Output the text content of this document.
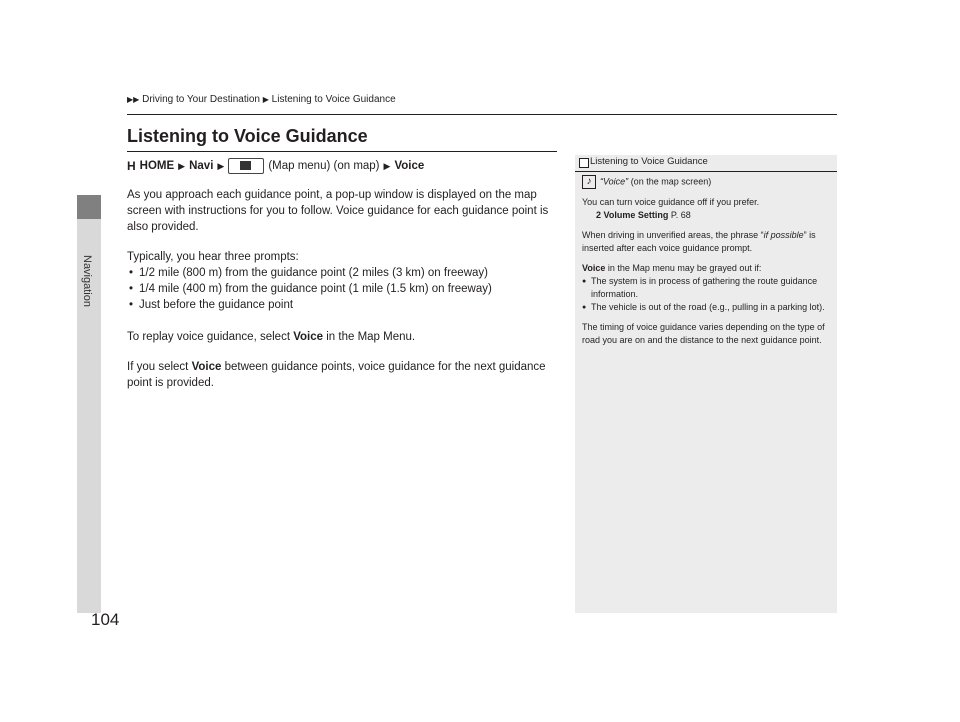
Navigation
104
▶▶ Driving to Your Destination ▶ Listening to Voice Guidance
Listening to Voice Guidance
H HOME ▶ Navi ▶	(Map menu) (on map) ▶ Voice

As you approach each guidance point, a pop-up window is displayed on the map screen with instructions for you to follow. Voice guidance for each guidance point is also provided.

Typically, you hear three prompts:

• 1/2 mile (800 m) from the guidance point (2 miles (3 km) on freeway)
• 1/4 mile (400 m) from the guidance point (1 mile (1.5 km) on freeway)
• Just before the guidance point

To replay voice guidance, select Voice in the Map Menu.

If you select Voice between guidance points, voice guidance for the next guidance point is provided.

Listening to Voice Guidance

♪ “Voice” (on the map screen)

You can turn voice guidance off if you prefer.
2 Volume Setting P. 68

When driving in unverified areas, the phrase “if possible” is inserted after each voice guidance prompt.

Voice in the Map menu may be grayed out if:

● The system is in process of gathering the route guidance information.
● The vehicle is out of the road (e.g., pulling in a parking lot).

The timing of voice guidance varies depending on the type of road you are on and the distance to the next guidance point.
